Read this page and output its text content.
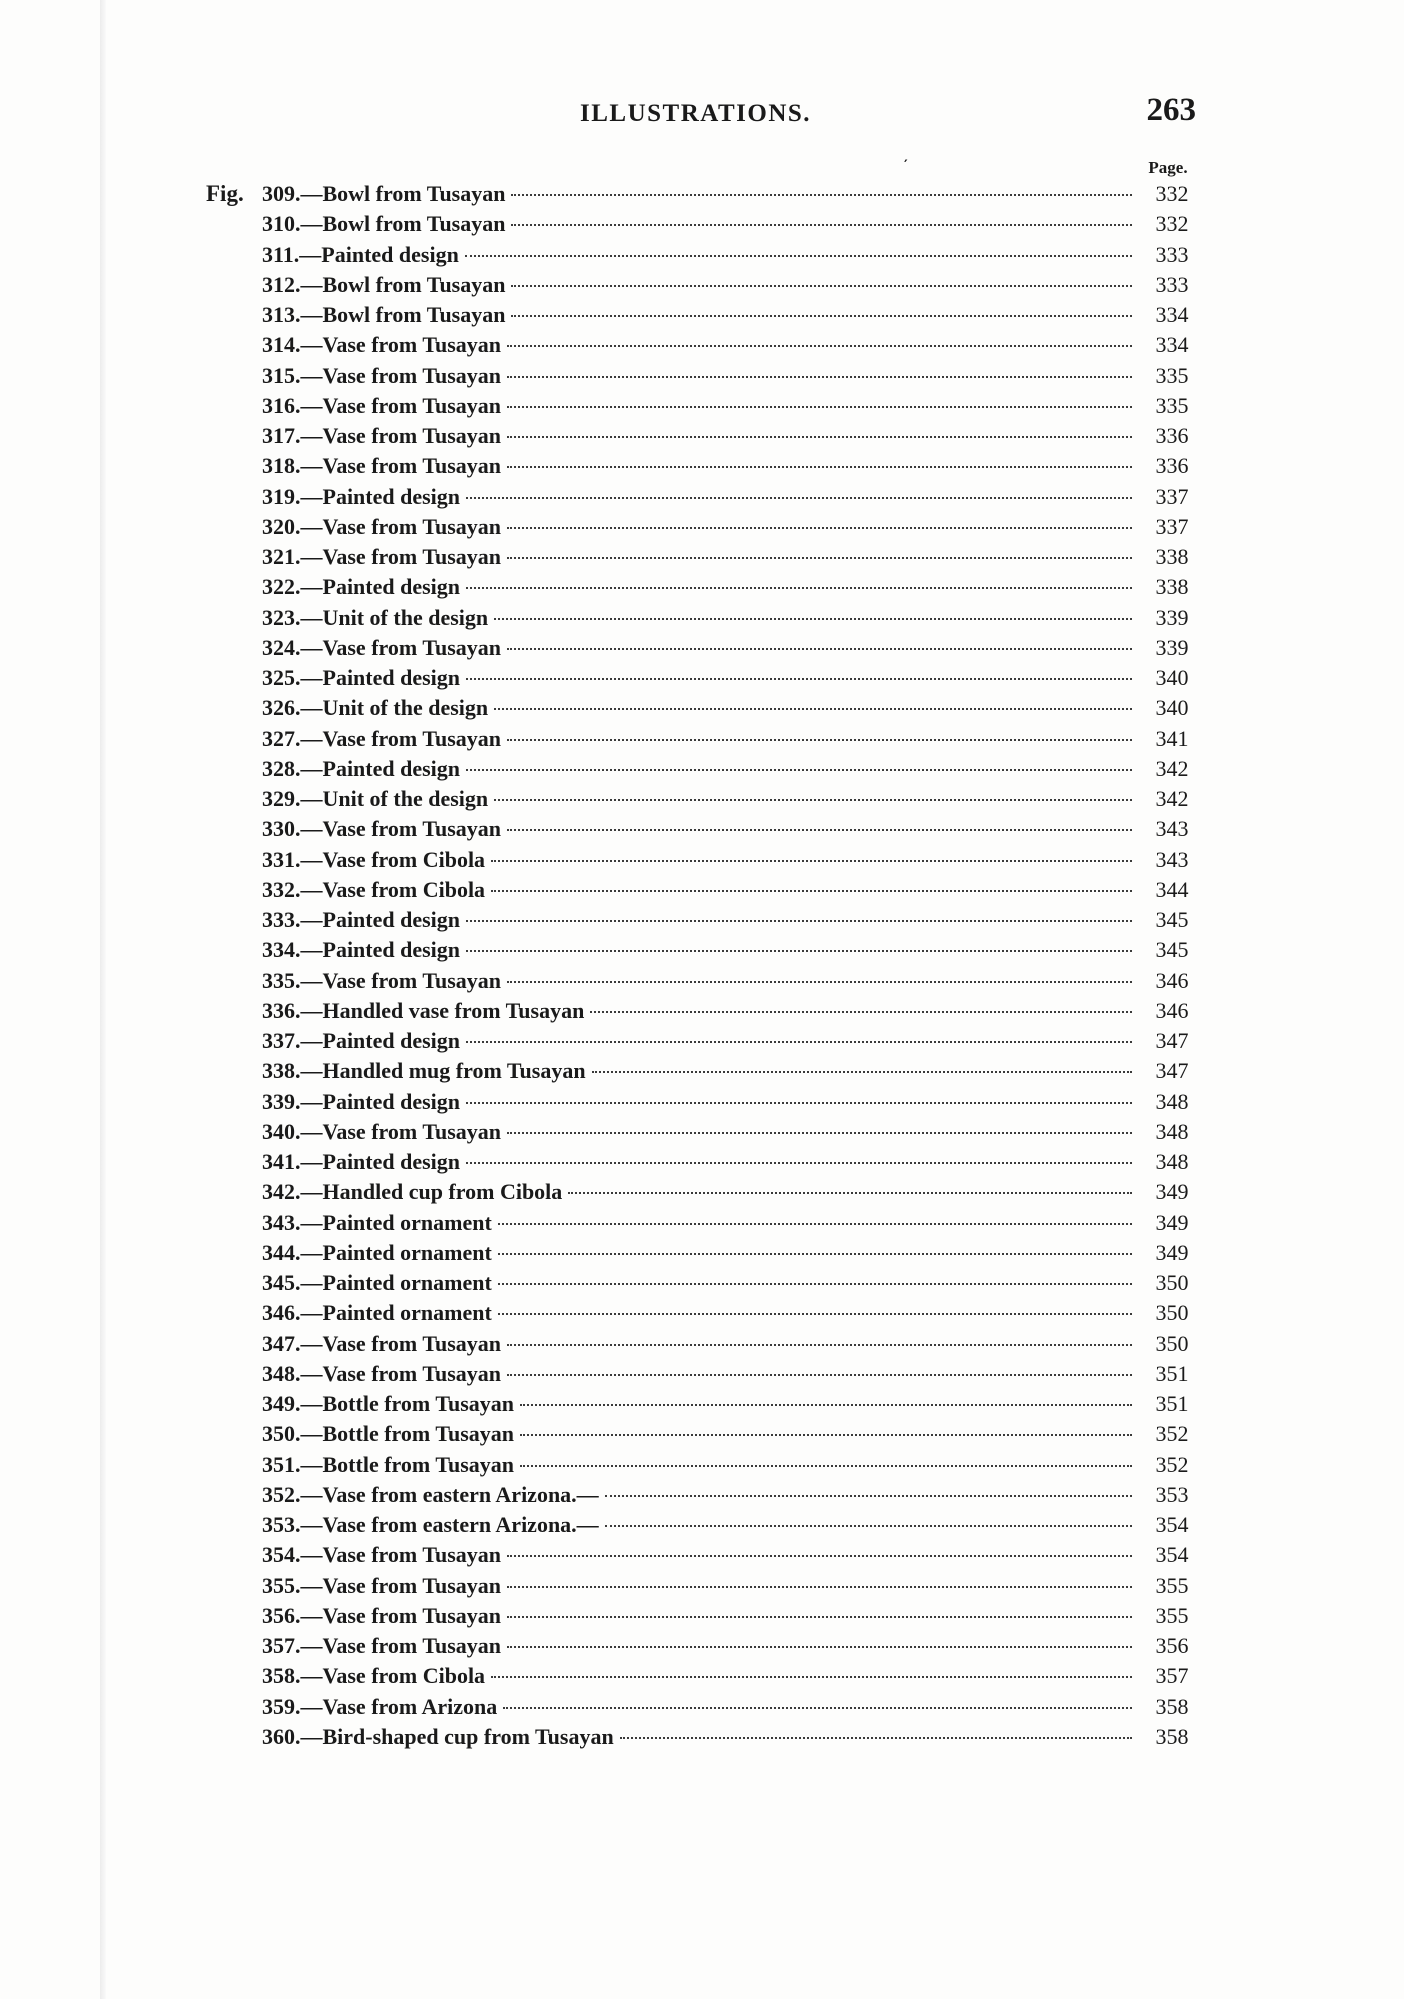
ILLUSTRATIONS.	263
′	Page.
Fig. 309. —Bowl from Tusayan	332
310. —Bowl from Tusayan	332
311. —Painted design	333
312. —Bowl from Tusayan	333
313. —Bowl from Tusayan	334
314. —Vase from Tusayan	334
315. —Vase from Tusayan	335
316. —Vase from Tusayan	335
317. —Vase from Tusayan	336
318. —Vase from Tusayan	336
319. —Painted design	337
320. —Vase from Tusayan	337
321. —Vase from Tusayan	338
322. —Painted design	338
323. —Unit of the design	339
324. —Vase from Tusayan	339
325. —Painted design	340
326. —Unit of the design	340
327. —Vase from Tusayan	341
328. —Painted design	342
329. —Unit of the design	342
330. —Vase from Tusayan	343
331. —Vase from Cibola	343
332. —Vase from Cibola	344
333. —Painted design	345
334. —Painted design	345
335. —Vase from Tusayan	346
336. —Handled vase from Tusayan	346
337. —Painted design	347
338. —Handled mug from Tusayan	347
339. —Painted design	348
340. —Vase from Tusayan	348
341. —Painted design	348
342. —Handled cup from Cibola	349
343. —Painted ornament	349
344. —Painted ornament	349
345. —Painted ornament	350
346. —Painted ornament	350
347. —Vase from Tusayan	350
348. —Vase from Tusayan	351
349. —Bottle from Tusayan	351
350. —Bottle from Tusayan	352
351. —Bottle from Tusayan	352
352. —Vase from eastern Arizona.—	353
353. —Vase from eastern Arizona.—	354
354. —Vase from Tusayan	354
355. —Vase from Tusayan	355
356. —Vase from Tusayan	355
357. —Vase from Tusayan	356
358. —Vase from Cibola	357
359. —Vase from Arizona	358
360. —Bird-shaped cup from Tusayan	358
